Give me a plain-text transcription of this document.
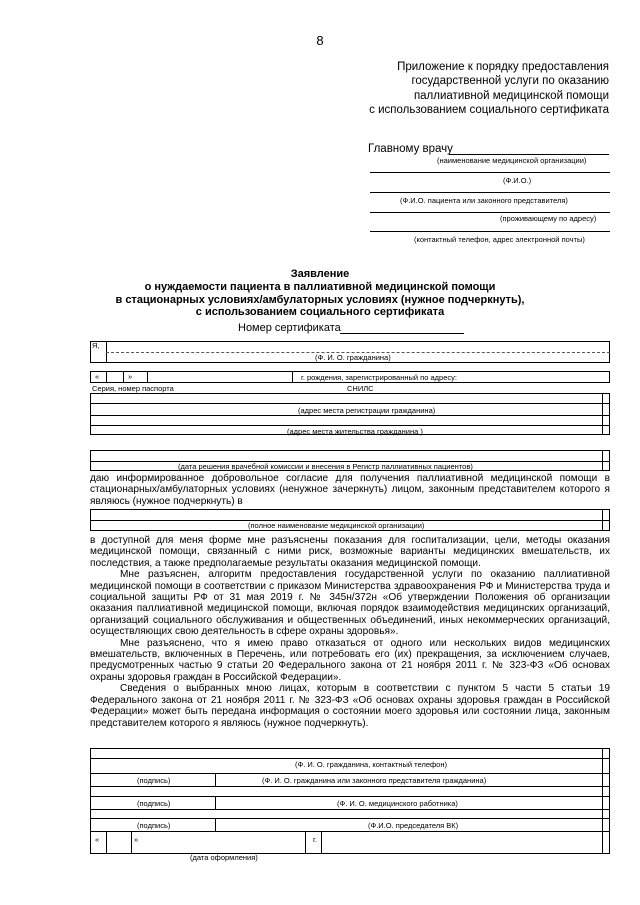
8
Приложение к порядку предоставления
государственной услуги по оказанию
паллиативной медицинской помощи
с использованием социального сертификата
Главному врачу
(наименование медицинской организации)
(Ф.И.О.)
(Ф.И.О. пациента или законного представителя)
(проживающему по адресу)
(контактный телефон, адрес электронной почты)
Заявление
о нуждаемости пациента в паллиативной медицинской помощи
в стационарных условиях/амбулаторных условиях (нужное подчеркнуть),
с использованием социального сертификата
Номер сертификата
Я,
(Ф. И. О. гражданина)
«	»	г. рождения, зарегистрированный по адресу:
Серия, номер паспорта	СНИЛС
(адрес места регистрации гражданина)
(адрес места жительства гражданина )
(дата решения врачебной комиссии и внесения в Регистр паллиативных пациентов)

даю информированное добровольное согласие для получения паллиативной медицинской помощи в стационарных/амбулаторных условиях (ненужное зачеркнуть) лицом, законным представителем которого я являюсь (нужное подчеркнуть) в

(полное наименование медицинской организации)

в доступной для меня форме мне разъяснены показания для госпитализации, цели, методы оказания медицинской помощи, связанный с ними риск, возможные варианты медицинских вмешательств, их последствия, а также предполагаемые результаты оказания медицинской помощи.

Мне разъяснен, алгоритм предоставления государственной услуги по оказанию паллиативной медицинской помощи в соответствии с приказом Министерства здравоохранения РФ и Министерства труда и социальной защиты РФ от 31 мая 2019 г. № 345н/372н «Об утверждении Положения об организации оказания паллиативной медицинской помощи, включая порядок взаимодействия медицинских организаций, организаций социального обслуживания и общественных объединений, иных некоммерческих организаций, осуществляющих свою деятельность в сфере охраны здоровья».

Мне разъяснено, что я имею право отказаться от одного или нескольких видов медицинских вмешательств, включенных в Перечень, или потребовать его (их) прекращения, за исключением случаев, предусмотренных частью 9 статьи 20 Федерального закона от 21 ноября 2011 г. № 323-ФЗ «Об основах охраны здоровья граждан в Российской Федерации».

Сведения о выбранных мною лицах, которым в соответствии с пунктом 5 части 5 статьи 19 Федерального закона от 21 ноября 2011 г. № 323-ФЗ «Об основах охраны здоровья граждан в Российской Федерации» может быть передана информация о состоянии моего здоровья или состоянии лица, законным представителем которого я являюсь (нужное подчеркнуть).

(Ф. И. О. гражданина, контактный телефон)
(подпись)	(Ф. И. О. гражданина или законного представителя гражданина)
(подпись)	(Ф. И. О. медицинского работника)
(подпись)	(Ф.И.О. председателя ВК)
«	»	г.
(дата оформления)
